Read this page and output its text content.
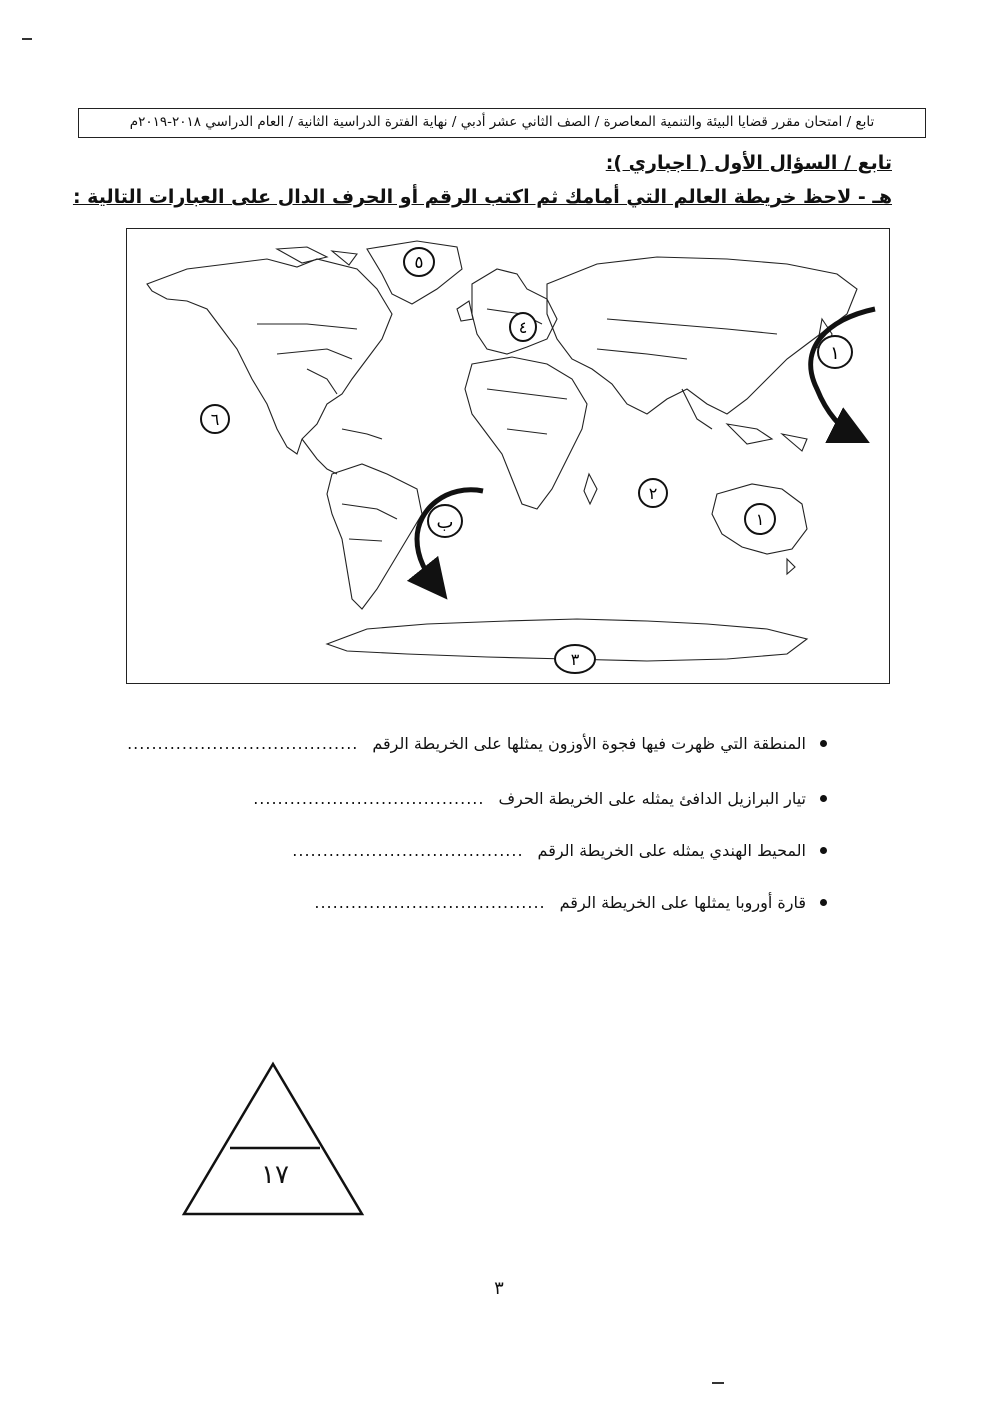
تابع / امتحان مقرر قضايا البيئة والتنمية المعاصرة / الصف الثاني عشر أدبي / نهاية الفترة الدراسية الثانية / العام الدراسي ٢٠١٨-٢٠١٩م
تابع / السؤال الأول ( اجباري ):
هـ - لاحظ خريطة العالم التي أمامك ثم اكتب الرقم أو الحرف الدال على العبارات التالية :
٥
٤
١
٦
٢
١
ب
٣
المنطقة التي ظهرت فيها فجوة الأوزون يمثلها على الخريطة الرقم
......................................
تيار البرازيل الدافئ يمثله على الخريطة الحرف
......................................
المحيط الهندي يمثله على الخريطة الرقم
......................................
قارة أوروبا يمثلها على الخريطة الرقم
......................................
١٧
٣
